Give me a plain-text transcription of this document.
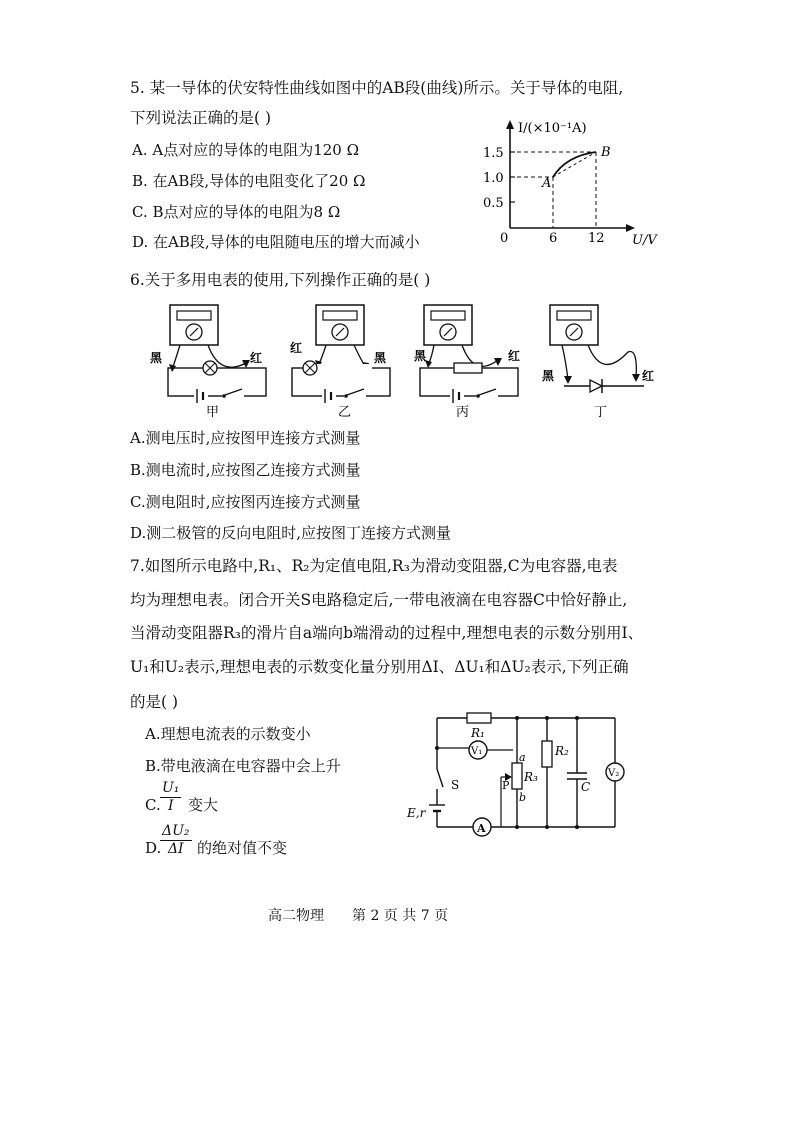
5. 某一导体的伏安特性曲线如图中的AB段(曲线)所示。关于导体的电阻,
下列说法正确的是( )
A. A点对应的导体的电阻为120 Ω
B. 在AB段,导体的电阻变化了20 Ω
C. B点对应的导体的电阻为8 Ω
D. 在AB段,导体的电阻随电压的增大而减小
I/(×10⁻¹A)
U/V
0
1.5
1.0
0.5
6 12
A
B
6.关于多用电表的使用,下列操作正确的是( )
黑	红
甲
红
黑
乙
黑	红
丙
黑	红
丁
A.测电压时,应按图甲连接方式测量
B.测电流时,应按图乙连接方式测量
C.测电阻时,应按图丙连接方式测量
D.测二极管的反向电阻时,应按图丁连接方式测量
7.如图所示电路中,R₁、R₂为定值电阻,R₃为滑动变阻器,C为电容器,电表
均为理想电表。闭合开关S电路稳定后,一带电液滴在电容器C中恰好静止,
当滑动变阻器R₃的滑片自a端向b端滑动的过程中,理想电表的示数分别用I、
U₁和U₂表示,理想电表的示数变化量分别用ΔI、ΔU₁和ΔU₂表示,下列正确
的是( )
A.理想电流表的示数变小
B.带电液滴在电容器中会上升
C. $\frac{\text{U₁}}{I}$ 变大
D.
$\frac{\text{ΔU₂}}{\Delta I}$ 的绝对值不变
A
V₁
V₂
R₁
R₂
R₃
a
b
P
S
E,r
C
高二物理 第 2 页 共 7 页
